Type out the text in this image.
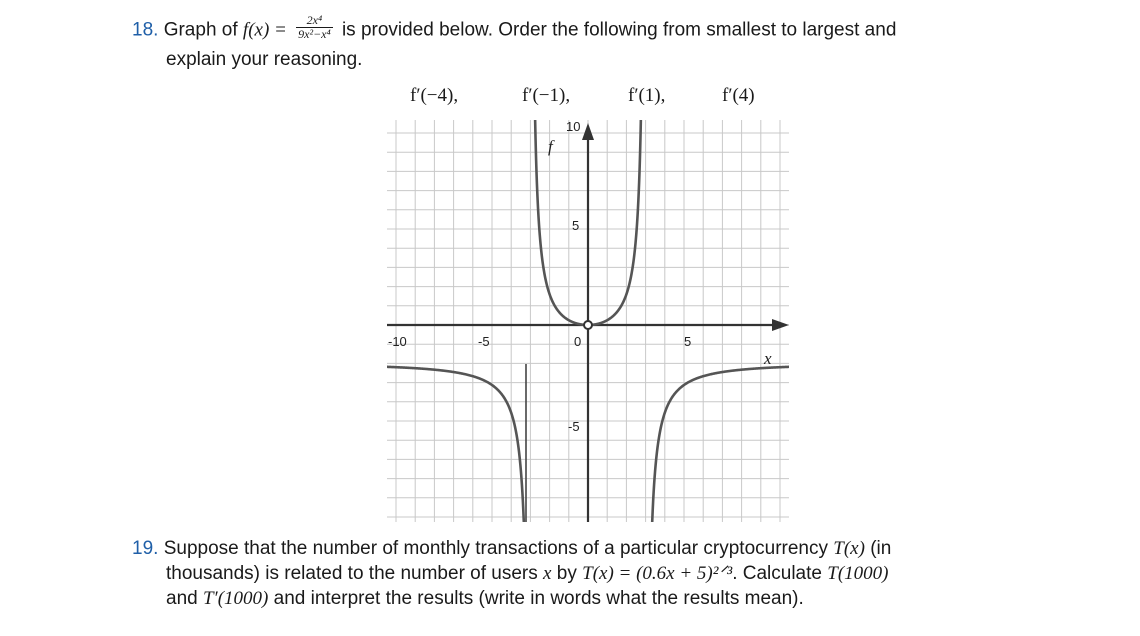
18. Graph of $f(x) = \frac{\text{2x⁴}}{\text{9x²−x⁴}}$ is provided below. Order the following from smallest to largest and
explain your reasoning.
f′(−4),	f′(−1),	f′(1),	f′(4)
10
5
-5
-10	-5	0	5
f
x
19. Suppose that the number of monthly transactions of a particular cryptocurrency T(x) (in
thousands) is related to the number of users x by T(x) = (0.6x + 5)²ᐟ³. Calculate T(1000)
and T′(1000) and interpret the results (write in words what the results mean).
